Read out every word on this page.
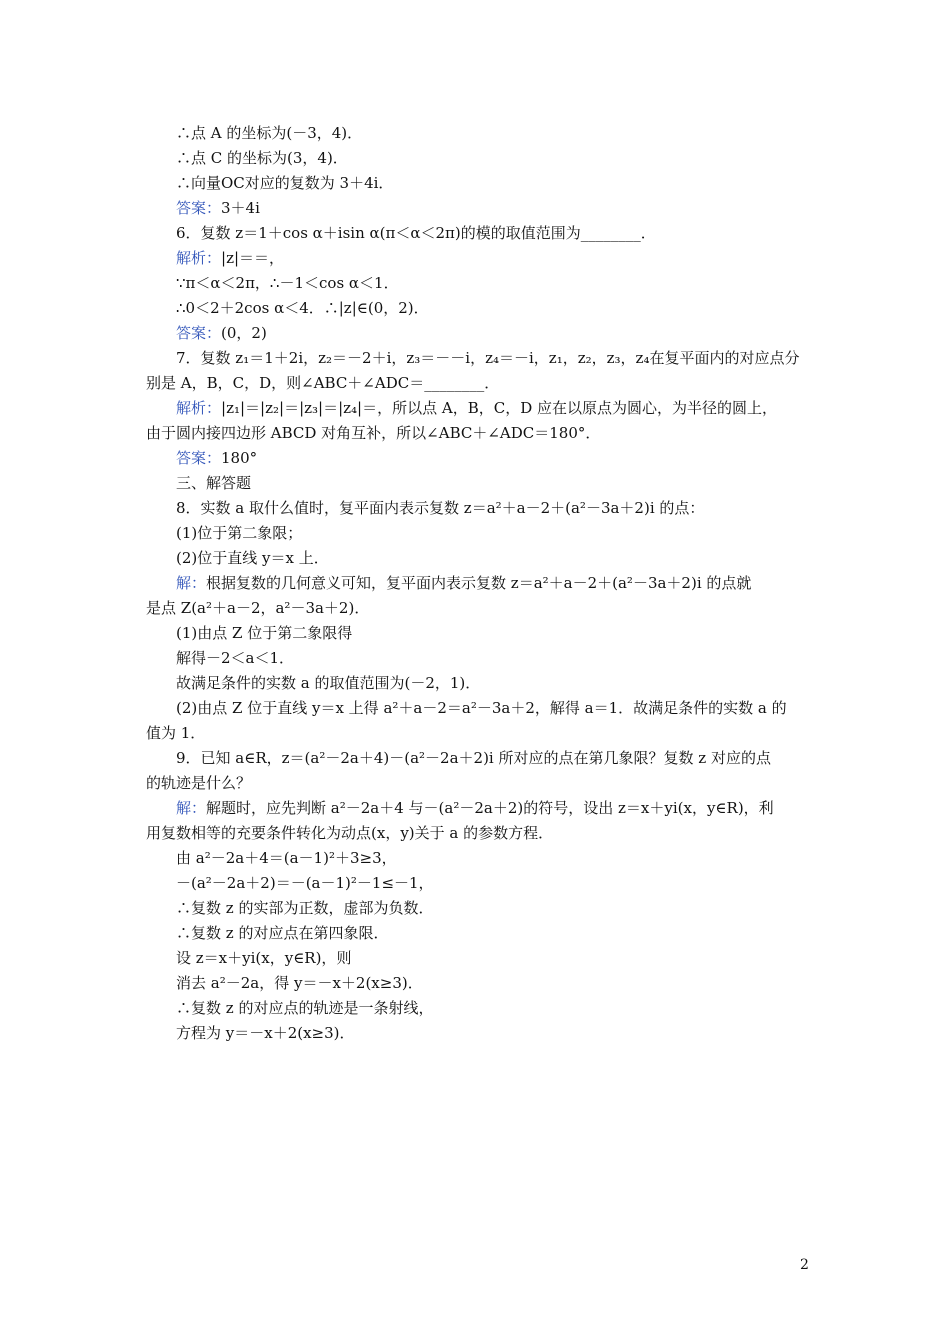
∴点 A 的坐标为(－3，4)．
∴点 C 的坐标为(3，4)．
∴向量OC对应的复数为 3＋4i．
答案：3＋4i
6．复数 z＝1＋cos α＋isin α(π＜α＜2π)的模的取值范围为________．
解析：|z|＝＝，
∵π＜α＜2π，∴－1＜cos α＜1．
∴0＜2＋2cos α＜4．∴|z|∈(0，2)．
答案：(0，2)
7．复数 z₁＝1＋2i，z₂＝－2＋i，z₃＝－－i，z₄＝－i，z₁，z₂，z₃，z₄在复平面内的对应点分
别是 A，B，C，D，则∠ABC＋∠ADC＝________．
解析：|z₁|＝|z₂|＝|z₃|＝|z₄|＝，所以点 A，B，C，D 应在以原点为圆心，为半径的圆上，
由于圆内接四边形 ABCD 对角互补，所以∠ABC＋∠ADC＝180°．
答案：180°
三、解答题
8．实数 a 取什么值时，复平面内表示复数 z＝a²＋a－2＋(a²－3a＋2)i 的点：
(1)位于第二象限；
(2)位于直线 y＝x 上．
解：根据复数的几何意义可知，复平面内表示复数 z＝a²＋a－2＋(a²－3a＋2)i 的点就
是点 Z(a²＋a－2，a²－3a＋2)．
(1)由点 Z 位于第二象限得
解得－2＜a＜1．
故满足条件的实数 a 的取值范围为(－2，1)．
(2)由点 Z 位于直线 y＝x 上得 a²＋a－2＝a²－3a＋2，解得 a＝1．故满足条件的实数 a 的
值为 1．
9．已知 a∈R，z＝(a²－2a＋4)－(a²－2a＋2)i 所对应的点在第几象限？复数 z 对应的点
的轨迹是什么？
解：解题时，应先判断 a²－2a＋4 与－(a²－2a＋2)的符号，设出 z＝x＋yi(x，y∈R)，利
用复数相等的充要条件转化为动点(x，y)关于 a 的参数方程．
由 a²－2a＋4＝(a－1)²＋3≥3，
－(a²－2a＋2)＝－(a－1)²－1≤－1，
∴复数 z 的实部为正数，虚部为负数．
∴复数 z 的对应点在第四象限．
设 z＝x＋yi(x，y∈R)，则
消去 a²－2a，得 y＝－x＋2(x≥3)．
∴复数 z 的对应点的轨迹是一条射线，
方程为 y＝－x＋2(x≥3)．
2
